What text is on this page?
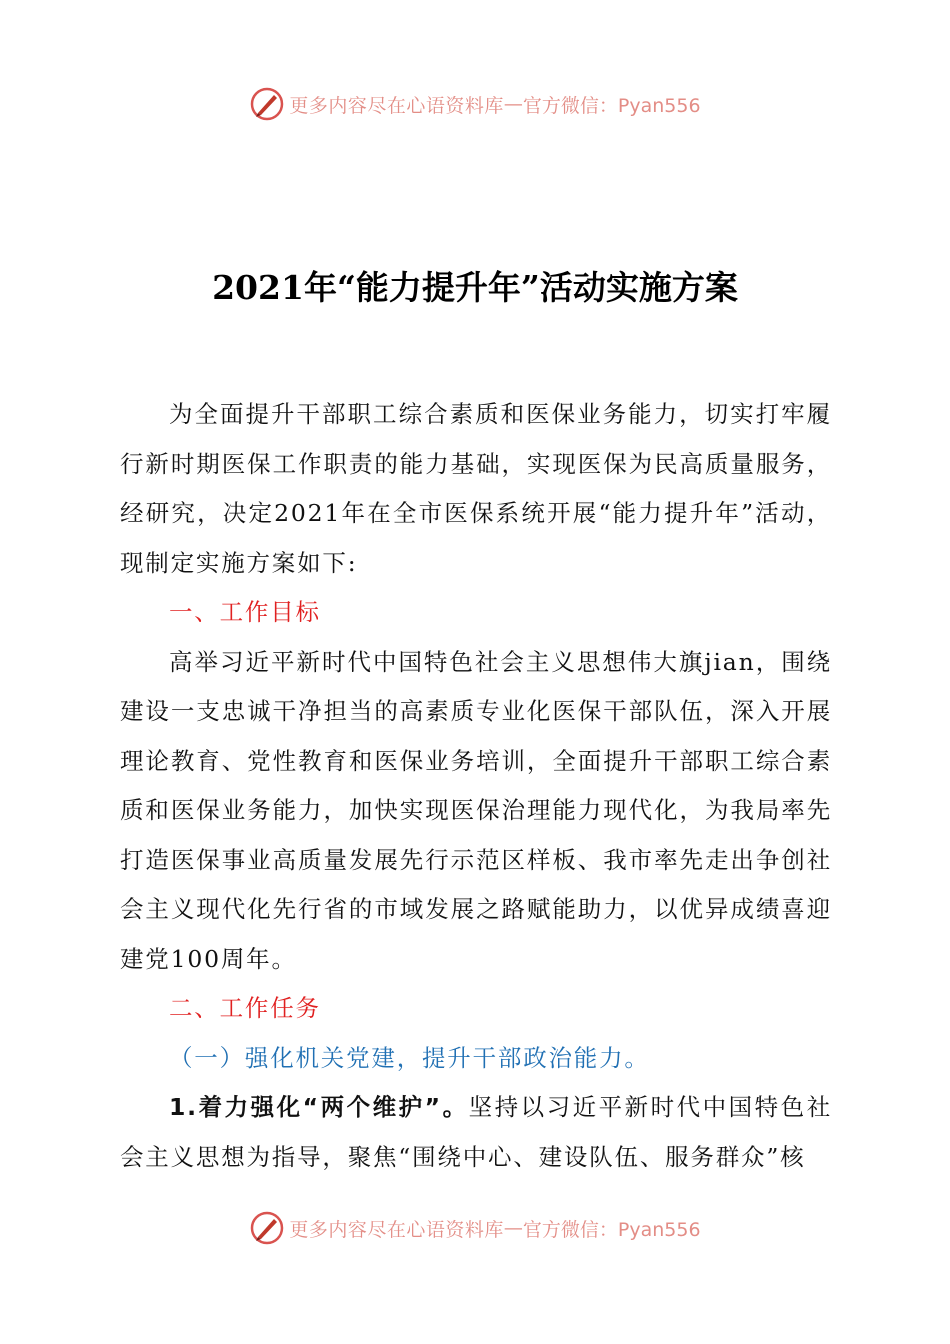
更多内容尽在心语资料库 — 官方微信：Pyan556
2021年“能力提升年”活动实施方案

为全面提升干部职工综合素质和医保业务能力，切实打牢履行新时期医保工作职责的能力基础，实现医保为民高质量服务，经研究，决定2021年在全市医保系统开展“能力提升年”活动，现制定实施方案如下:

一、工作目标

高举习近平新时代中国特色社会主义思想伟大旗jian，围绕建设一支忠诚干净担当的高素质专业化医保干部队伍，深入开展理论教育、党性教育和医保业务培训，全面提升干部职工综合素质和医保业务能力，加快实现医保治理能力现代化，为我局率先打造医保事业高质量发展先行示范区样板、我市率先走出争创社会主义现代化先行省的市域发展之路赋能助力，以优异成绩喜迎建党100周年。

二、工作任务

（一）强化机关党建，提升干部政治能力。

1.着力强化“两个维护”。坚持以习近平新时代中国特色社会主义思想为指导，聚焦“围绕中心、建设队伍、服务群众”核

更多内容尽在心语资料库 — 官方微信：Pyan556
